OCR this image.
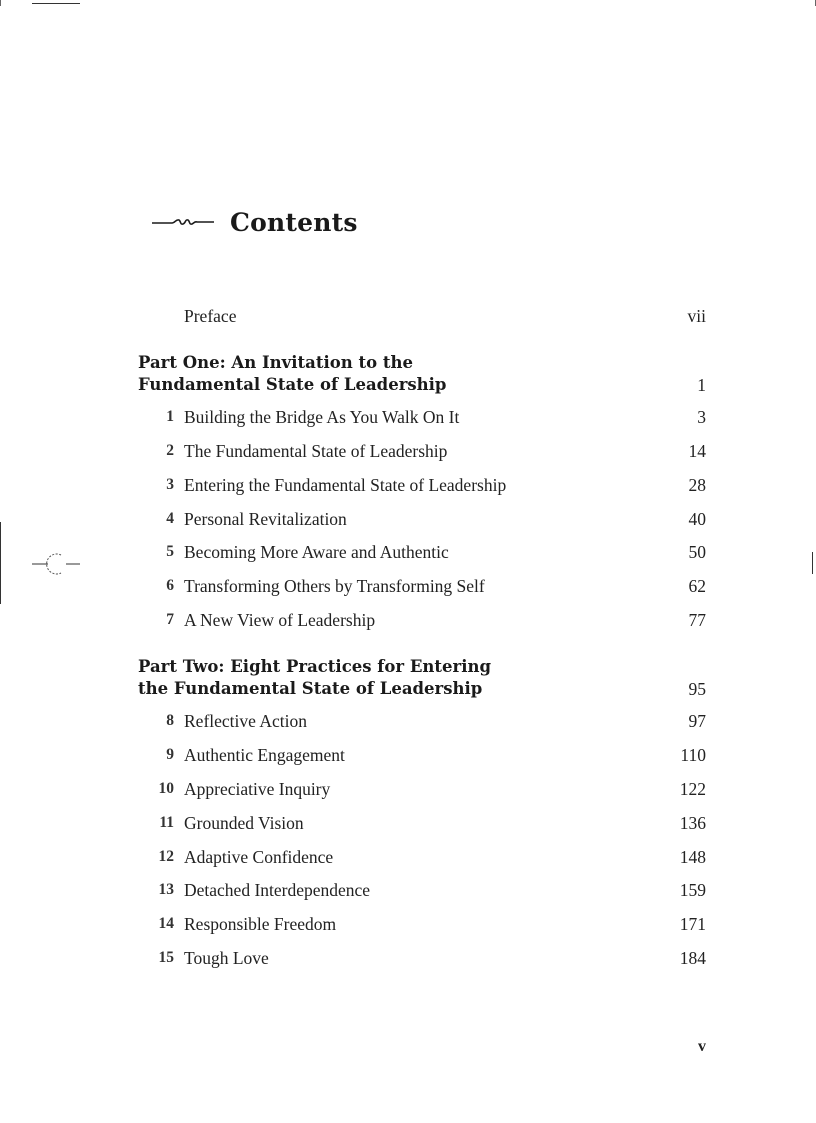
Contents
Preface	vii
Part One: An Invitation to the
Fundamental State of Leadership	1
1 Building the Bridge As You Walk On It	3
2 The Fundamental State of Leadership	14
3 Entering the Fundamental State of Leadership	28
4 Personal Revitalization	40
5 Becoming More Aware and Authentic	50
6 Transforming Others by Transforming Self	62
7 A New View of Leadership	77
Part Two: Eight Practices for Entering
the Fundamental State of Leadership	95
8 Reflective Action	97
9 Authentic Engagement	110
10 Appreciative Inquiry	122
11 Grounded Vision	136
12 Adaptive Confidence	148
13 Detached Interdependence	159
14 Responsible Freedom	171
15 Tough Love	184
v
